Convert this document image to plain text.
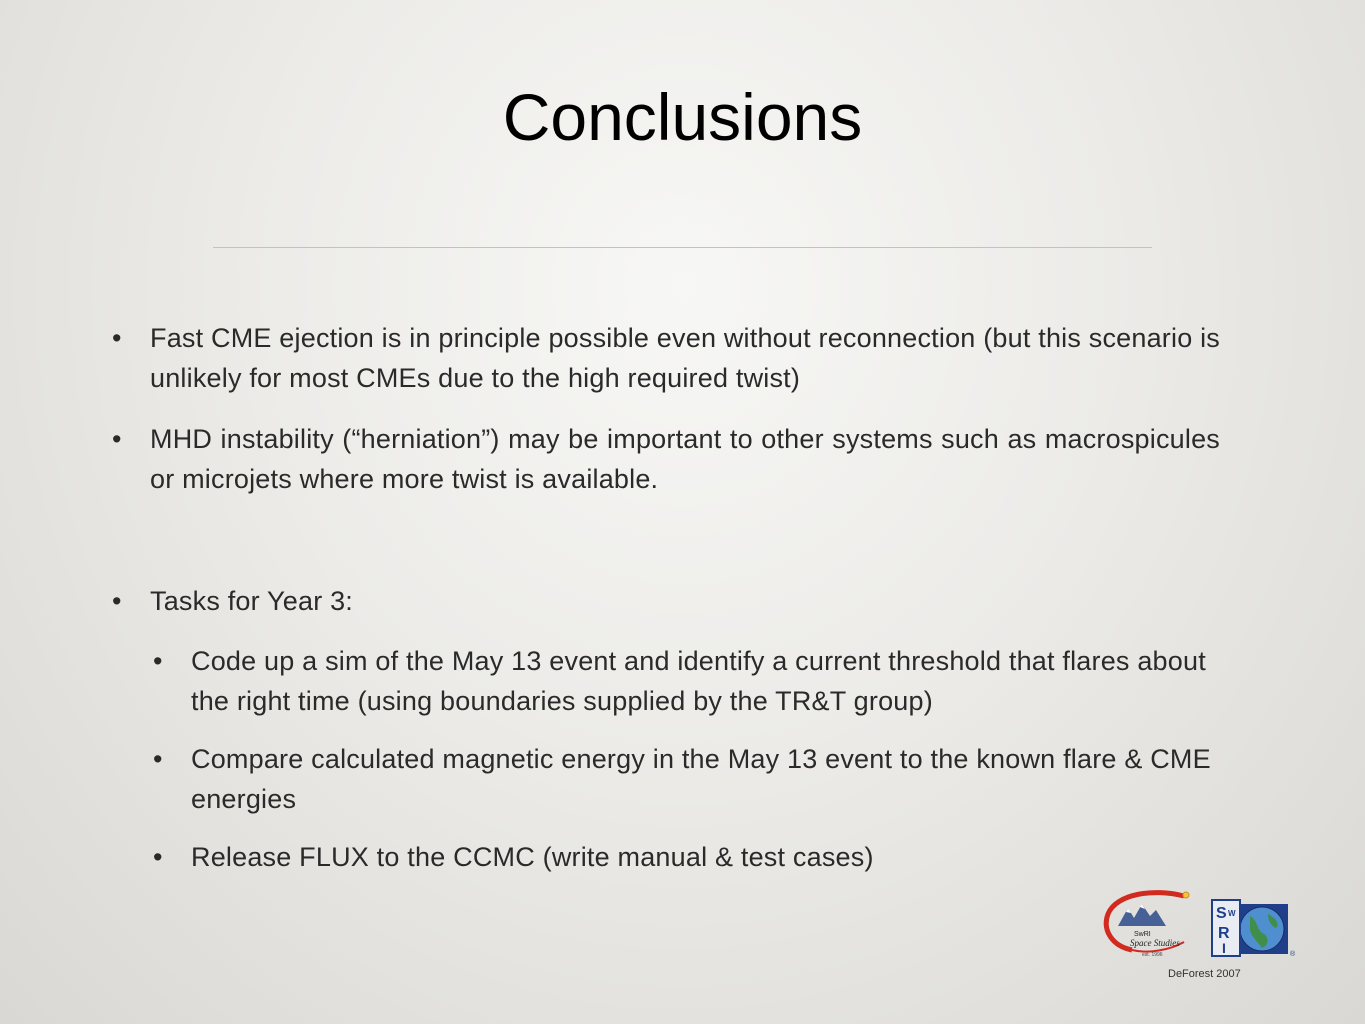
Conclusions
• Fast CME ejection is in principle possible even without reconnection (but this scenario is unlikely for most CMEs due to the high required twist)
• MHD instability (“herniation”) may be important to other systems such as macrospicules or microjets where more twist is available.
• Tasks for Year 3:
• Code up a sim of the May 13 event and identify a current threshold that flares about the right time (using boundaries supplied by the TR&T group)
• Compare calculated magnetic energy in the May 13 event to the known flare & CME energies
• Release FLUX to the CCMC (write manual & test cases)
SwRI
Space Studies
est. 1996
S W
R
I	®
DeForest 2007
